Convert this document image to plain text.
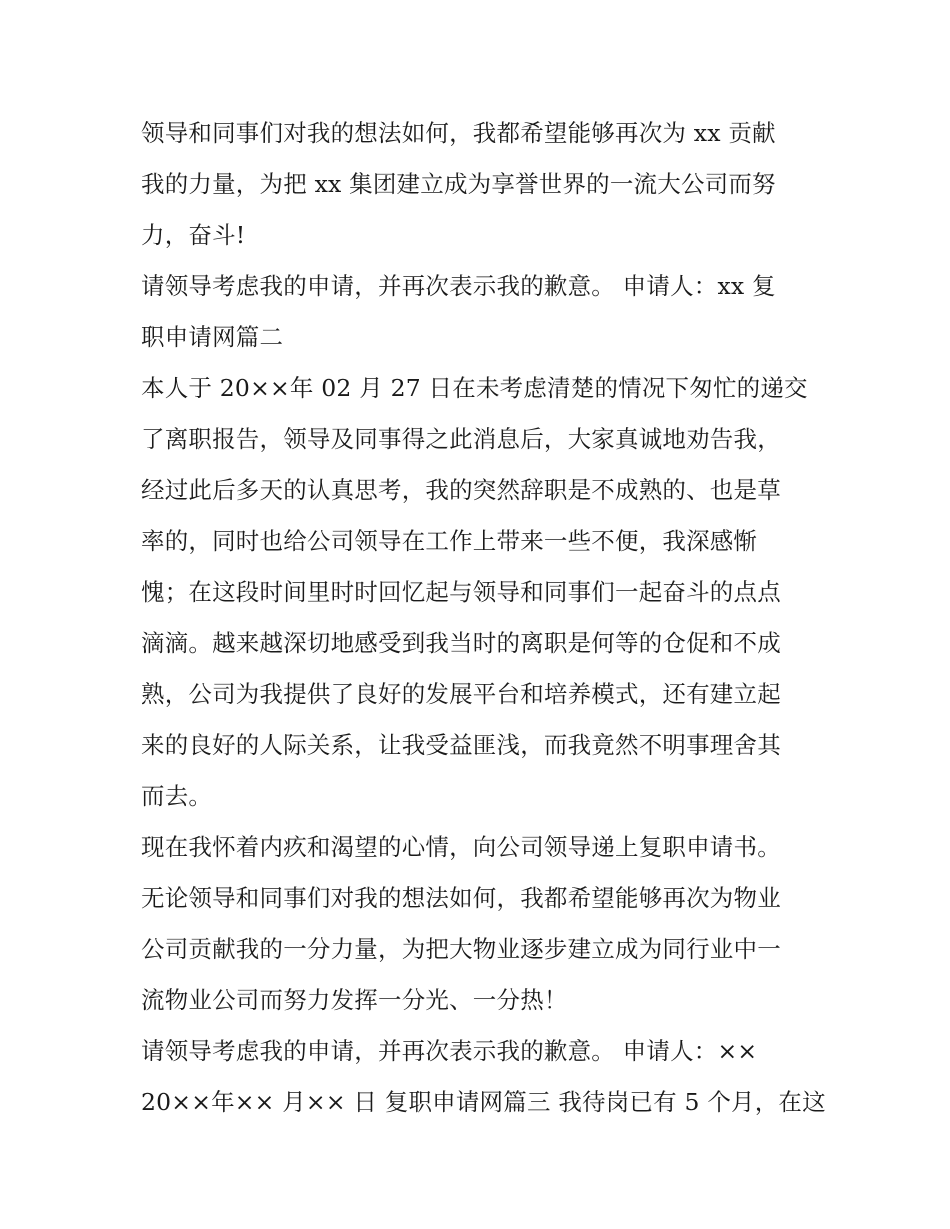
领导和同事们对我的想法如何，我都希望能够再次为 xx 贡献
我的力量，为把 xx 集团建立成为享誉世界的一流大公司而努
力，奋斗!
请领导考虑我的申请，并再次表示我的歉意。 申请人：xx 复
职申请网篇二
本人于 20××年 02 月 27 日在未考虑清楚的情况下匆忙的递交
了离职报告，领导及同事得之此消息后，大家真诚地劝告我，
经过此后多天的认真思考，我的突然辞职是不成熟的、也是草
率的，同时也给公司领导在工作上带来一些不便，我深感惭
愧；在这段时间里时时回忆起与领导和同事们一起奋斗的点点
滴滴。越来越深切地感受到我当时的离职是何等的仓促和不成
熟，公司为我提供了良好的发展平台和培养模式，还有建立起
来的良好的人际关系，让我受益匪浅，而我竟然不明事理舍其
而去。
现在我怀着内疚和渴望的心情，向公司领导递上复职申请书。
无论领导和同事们对我的想法如何，我都希望能够再次为物业
公司贡献我的一分力量，为把大物业逐步建立成为同行业中一
流物业公司而努力发挥一分光、一分热！
请领导考虑我的申请，并再次表示我的歉意。 申请人：××
20××年×× 月×× 日 复职申请网篇三 我待岗已有 5 个月，在这
